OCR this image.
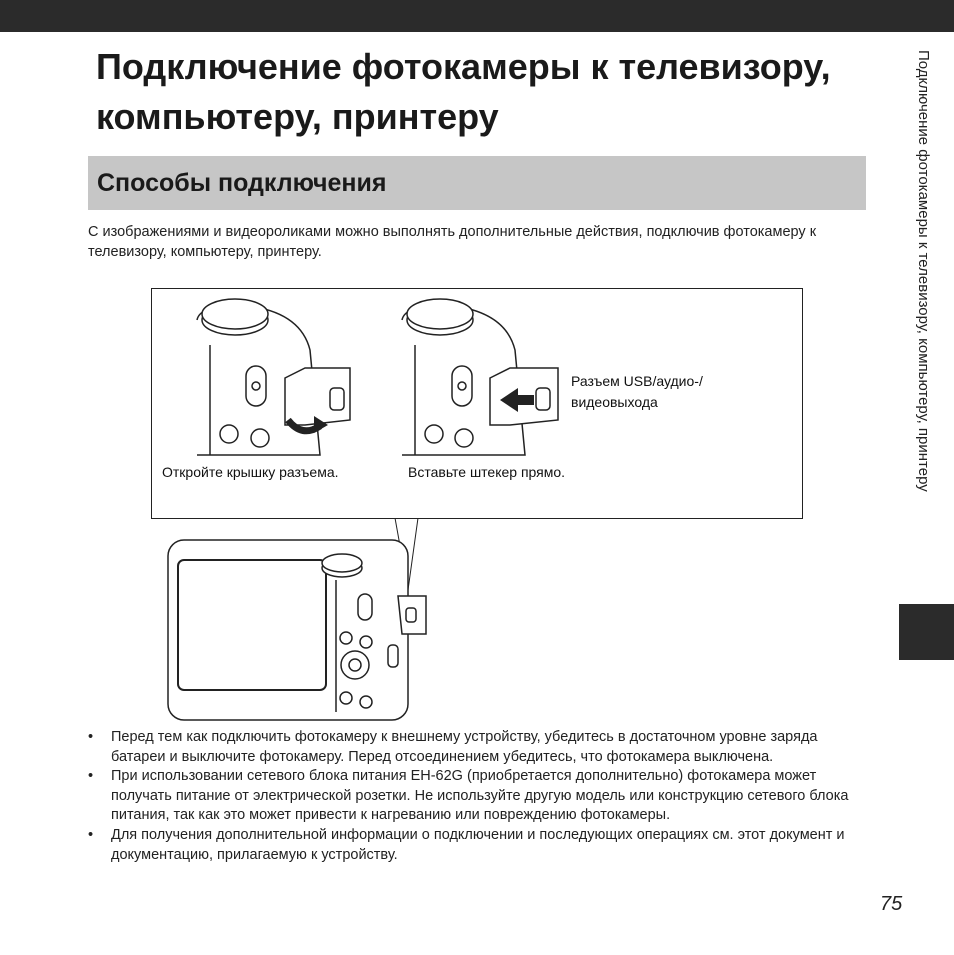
Подключение фотокамеры к телевизору, компьютеру, принтеру
Способы подключения

С изображениями и видеороликами можно выполнять дополнительные действия, подключив фотокамеру к телевизору, компьютеру, принтеру.

Откройте крышку разъема.	Вставьте штекер прямо.
Разъем USB/аудио-/
видеовыхода
• Перед тем как подключить фотокамеру к внешнему устройству, убедитесь в достаточном уровне заряда батареи и выключите фотокамеру. Перед отсоединением убедитесь, что фотокамера выключена.
• При использовании сетевого блока питания EH-62G (приобретается дополнительно) фотокамера может получать питание от электрической розетки. Не используйте другую модель или конструкцию сетевого блока питания, так как это может привести к нагреванию или повреждению фотокамеры.
• Для получения дополнительной информации о подключении и последующих операциях см. этот документ и документацию, прилагаемую к устройству.
Подключение фотокамеры к телевизору, компьютеру, принтеру
75
